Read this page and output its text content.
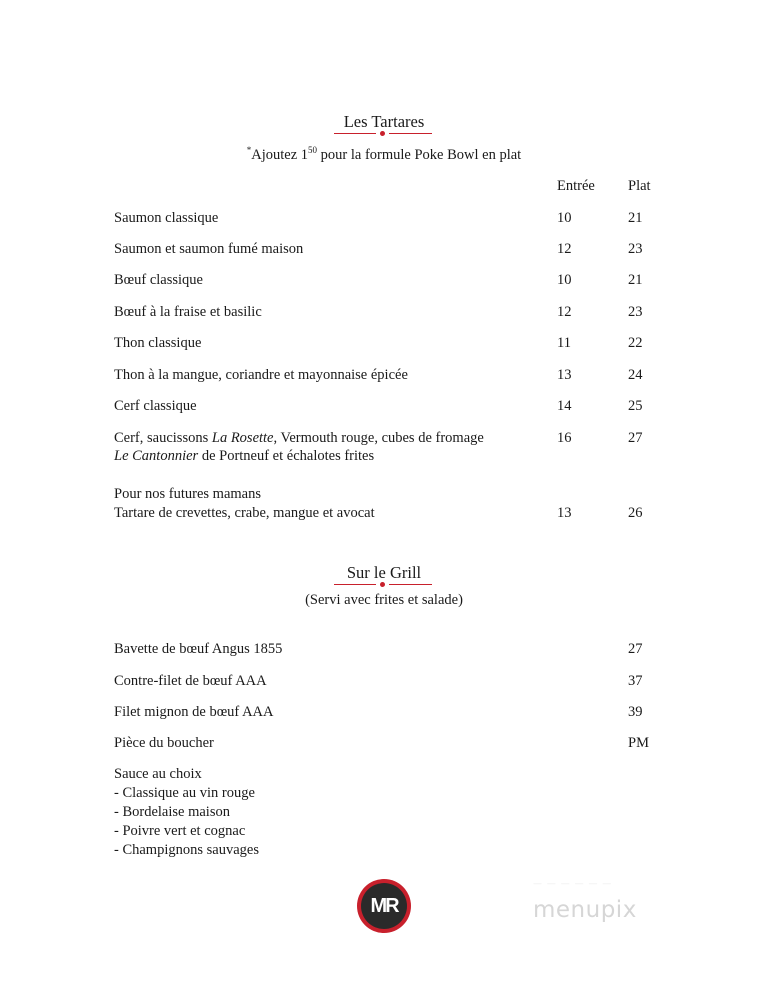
Les Tartares
*Ajoutez $1^{50}$ pour la formule Poke Bowl en plat
Entrée Plat
Saumon classique	10	21
Saumon et saumon fumé maison	12	23
Bœuf classique	10	21
Bœuf à la fraise et basilic	12	23
Thon classique	11	22
Thon à la mangue, coriandre et mayonnaise épicée	13	24
Cerf classique	14	25
Cerf, saucissons La Rosette, Vermouth rouge, cubes de fromage
Le Cantonnier de Portneuf et échalotes frites
16	27
Pour nos futures mamans
Tartare de crevettes, crabe, mangue et avocat	13	26
Sur le Grill
(Servi avec frites et salade)
Bavette de bœuf Angus 1855	27
Contre-filet de bœuf AAA	37
Filet mignon de bœuf AAA	39
Pièce du boucher	PM
Sauce au choix
- Classique au vin rouge
- Bordelaise maison
- Poivre vert et cognac
- Champignons sauvages
MR
— — — — — —
menupix
